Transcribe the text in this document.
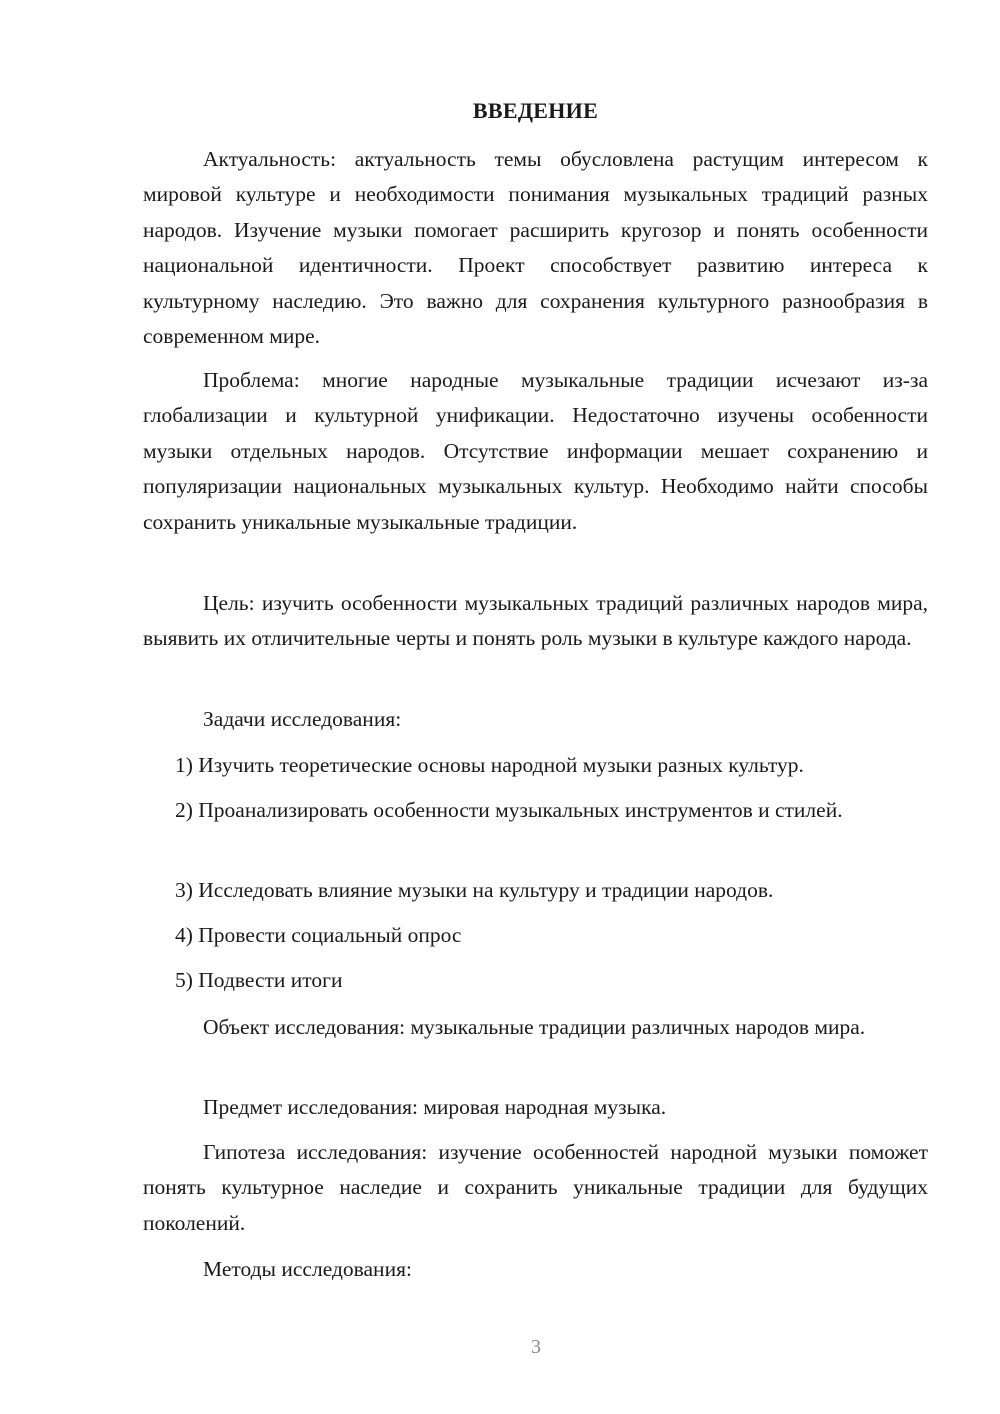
ВВЕДЕНИЕ

Актуальность: актуальность темы обусловлена растущим интересом к мировой культуре и необходимости понимания музыкальных традиций разных народов. Изучение музыки помогает расширить кругозор и понять особенности национальной идентичности. Проект способствует развитию интереса к культурному наследию. Это важно для сохранения культурного разнообразия в современном мире.

Проблема: многие народные музыкальные традиции исчезают из-за глобализации и культурной унификации. Недостаточно изучены особенности музыки отдельных народов. Отсутствие информации мешает сохранению и популяризации национальных музыкальных культур. Необходимо найти способы сохранить уникальные музыкальные традиции.

Цель: изучить особенности музыкальных традиций различных народов мира, выявить их отличительные черты и понять роль музыки в культуре каждого народа.

Задачи исследования:

1) Изучить теоретические основы народной музыки разных культур.

2) Проанализировать особенности музыкальных инструментов и стилей.

3) Исследовать влияние музыки на культуру и традиции народов.

4) Провести социальный опрос

5) Подвести итоги

Объект исследования: музыкальные традиции различных народов мира.

Предмет исследования: мировая народная музыка.

Гипотеза исследования: изучение особенностей народной музыки поможет понять культурное наследие и сохранить уникальные традиции для будущих поколений.

Методы исследования:

3
